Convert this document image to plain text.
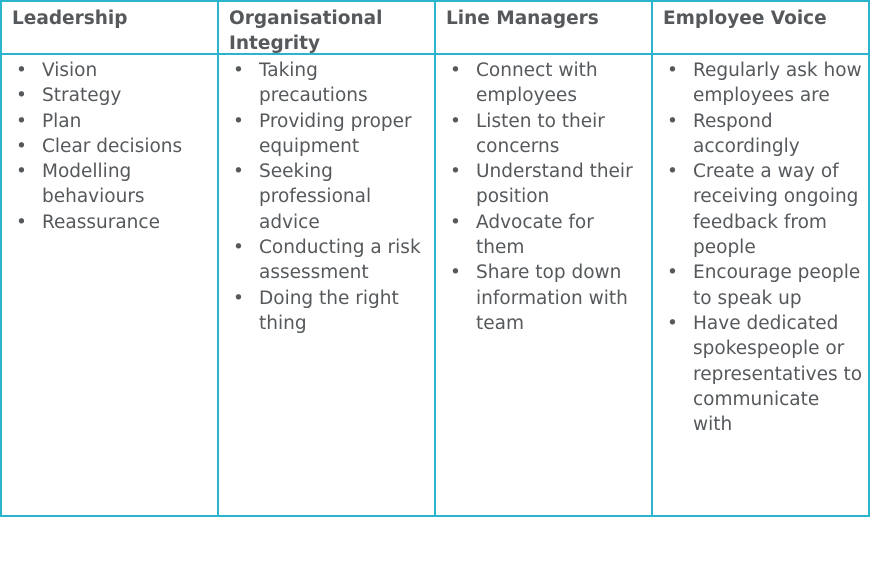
Leadership	Organisational Integrity
Line Managers	Employee Voice
• Vision
• Strategy
• Plan
• Clear decisions
• Modelling behaviours
• Reassurance
• Taking precautions
• Providing proper equipment
• Seeking professional advice
• Conducting a risk assessment
• Doing the right thing
• Connect with employees
• Listen to their concerns
• Understand their position
• Advocate for them
• Share top down information with team
• Regularly ask how employees are
• Respond accordingly
• Create a way of receiving ongoing feedback from people
• Encourage people to speak up
• Have dedicated spokespeople or representatives to communicate with
